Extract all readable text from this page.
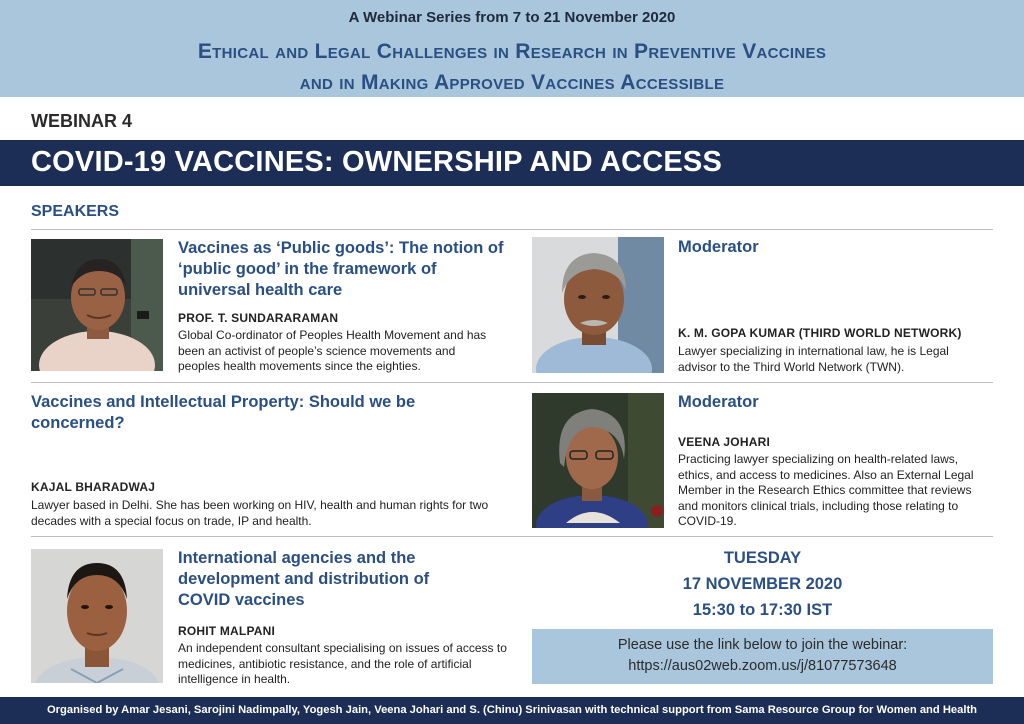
A Webinar Series from 7 to 21 November 2020
Ethical and Legal Challenges in Research in Preventive Vaccines
and in Making Approved Vaccines Accessible
WEBINAR 4
COVID-19 VACCINES: OWNERSHIP AND ACCESS
SPEAKERS
Vaccines as ‘Public goods’: The notion of ‘public good’ in the framework of universal health care
PROF. T. SUNDARARAMAN
Global Co-ordinator of Peoples Health Movement and has been an activist of people’s science movements and peoples health movements since the eighties.
Moderator
K. M. GOPA KUMAR (THIRD WORLD NETWORK)
Lawyer specializing in international law, he is Legal advisor to the Third World Network (TWN).
Vaccines and Intellectual Property: Should we be concerned?
KAJAL BHARADWAJ
Lawyer based in Delhi. She has been working on HIV, health and human rights for two decades with a special focus on trade, IP and health.
Moderator
VEENA JOHARI
Practicing lawyer specializing on health-related laws, ethics, and access to medicines. Also an External Legal Member in the Research Ethics committee that reviews and monitors clinical trials, including those relating to COVID-19.
International agencies and the development and distribution of COVID vaccines
ROHIT MALPANI
An independent consultant specialising on issues of access to medicines, antibiotic resistance, and the role of artificial intelligence in health.
TUESDAY
17 NOVEMBER 2020
15:30 to 17:30 IST
Please use the link below to join the webinar:
https://aus02web.zoom.us/j/81077573648
Organised by Amar Jesani, Sarojini Nadimpally, Yogesh Jain, Veena Johari and S. (Chinu) Srinivasan with technical support from Sama Resource Group for Women and Health
